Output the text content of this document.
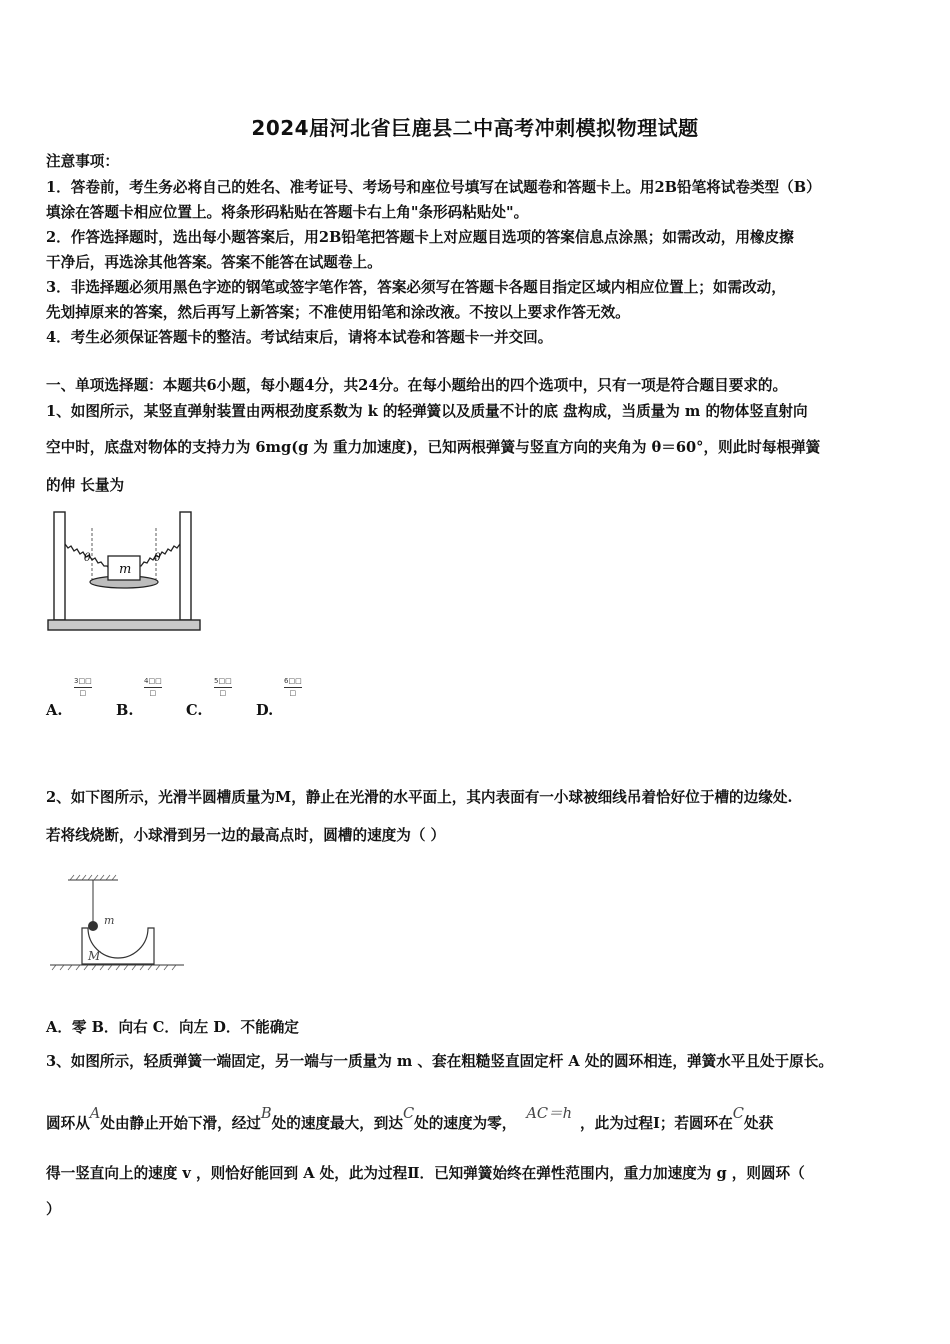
2024届河北省巨鹿县二中高考冲刺模拟物理试题
注意事项：
1．答卷前，考生务必将自己的姓名、准考证号、考场号和座位号填写在试题卷和答题卡上。用2B铅笔将试卷类型（B）
填涂在答题卡相应位置上。将条形码粘贴在答题卡右上角"条形码粘贴处"。
2．作答选择题时，选出每小题答案后，用2B铅笔把答题卡上对应题目选项的答案信息点涂黑；如需改动，用橡皮擦
干净后，再选涂其他答案。答案不能答在试题卷上。
3．非选择题必须用黑色字迹的钢笔或签字笔作答，答案必须写在答题卡各题目指定区域内相应位置上；如需改动，
先划掉原来的答案，然后再写上新答案；不准使用铅笔和涂改液。不按以上要求作答无效。
4．考生必须保证答题卡的整洁。考试结束后，请将本试卷和答题卡一并交回。
一、单项选择题：本题共6小题，每小题4分，共24分。在每小题给出的四个选项中，只有一项是符合题目要求的。
1、如图所示，某竖直弹射装置由两根劲度系数为 k 的轻弹簧以及质量不计的底 盘构成，当质量为 m 的物体竖直射向
空中时，底盘对物体的支持力为 6mg(g 为 重力加速度)，已知两根弹簧与竖直方向的夹角为 θ＝60°，则此时每根弹簧
的伸 长量为
m
θ	θ
A.
3□□
□
B.
4□□
□
C.
5□□
□
D.
6□□
□
2、如下图所示，光滑半圆槽质量为M，静止在光滑的水平面上，其内表面有一小球被细线吊着恰好位于槽的边缘处.
若将线烧断，小球滑到另一边的最高点时，圆槽的速度为（ ）
m
M
A．零 B．向右 C．向左 D．不能确定
3、如图所示，轻质弹簧一端固定，另一端与一质量为 m 、套在粗糙竖直固定杆 A 处的圆环相连，弹簧水平且处于原长。
圆环从A处由静止开始下滑，经过B处的速度最大，到达C处的速度为零，AC＝h，此为过程Ⅰ；若圆环在C处获
得一竖直向上的速度 v ，则恰好能回到 A 处，此为过程Ⅱ．已知弹簧始终在弹性范围内，重力加速度为 g ，则圆环（
）
